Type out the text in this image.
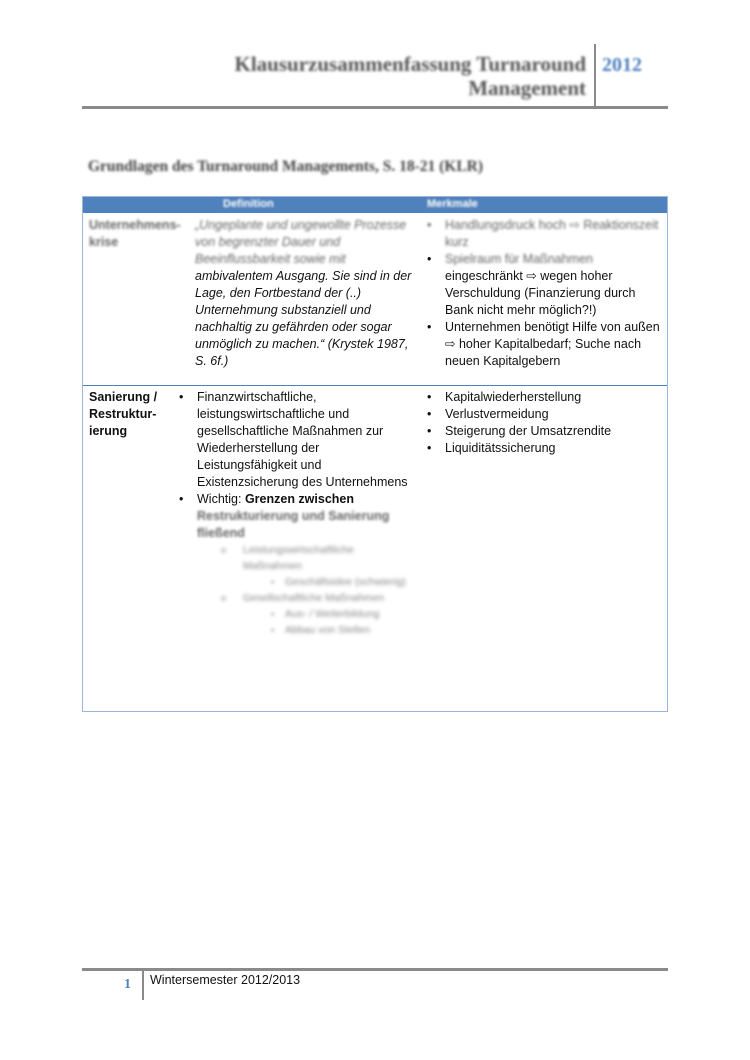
Klausurzusammenfassung Turnaround
Management
2012
Grundlagen des Turnaround Managements, S. 18-21 (KLR)
Definition	Merkmale
Unternehmens-krise
„Ungeplante und ungewollte Prozesse von begrenzter Dauer und Beeinflussbarkeit sowie mit
ambivalentem Ausgang. Sie sind in der Lage, den Fortbestand der (..) Unternehmung substanziell und nachhaltig zu gefährden oder sogar unmöglich zu machen.“ (Krystek 1987, S. 6f.)
• Handlungsdruck hoch ⇨ Reaktionszeit kurz
• Spielraum für Maßnahmen
eingeschränkt ⇨ wegen hoher Verschuldung (Finanzierung durch Bank nicht mehr möglich?!)
• Unternehmen benötigt Hilfe von außen ⇨ hoher Kapitalbedarf; Suche nach neuen Kapitalgebern
Sanierung / Restruktur-ierung
• Finanzwirtschaftliche, leistungswirtschaftliche und gesellschaftliche Maßnahmen zur Wiederherstellung der Leistungsfähigkeit und Existenzsicherung des Unternehmens
• Wichtig: Grenzen zwischen
Restrukturierung und Sanierung fließend
o Leistungswirtschaftliche Maßnahmen
▪ Geschäftsidee (schwierig)
o Gesellschaftliche Maßnahmen
▪ Aus- / Weiterbildung
▪ Abbau von Stellen
• Kapitalwiederherstellung
• Verlustvermeidung
• Steigerung der Umsatzrendite
• Liquiditätssicherung
1 Wintersemester 2012/2013
